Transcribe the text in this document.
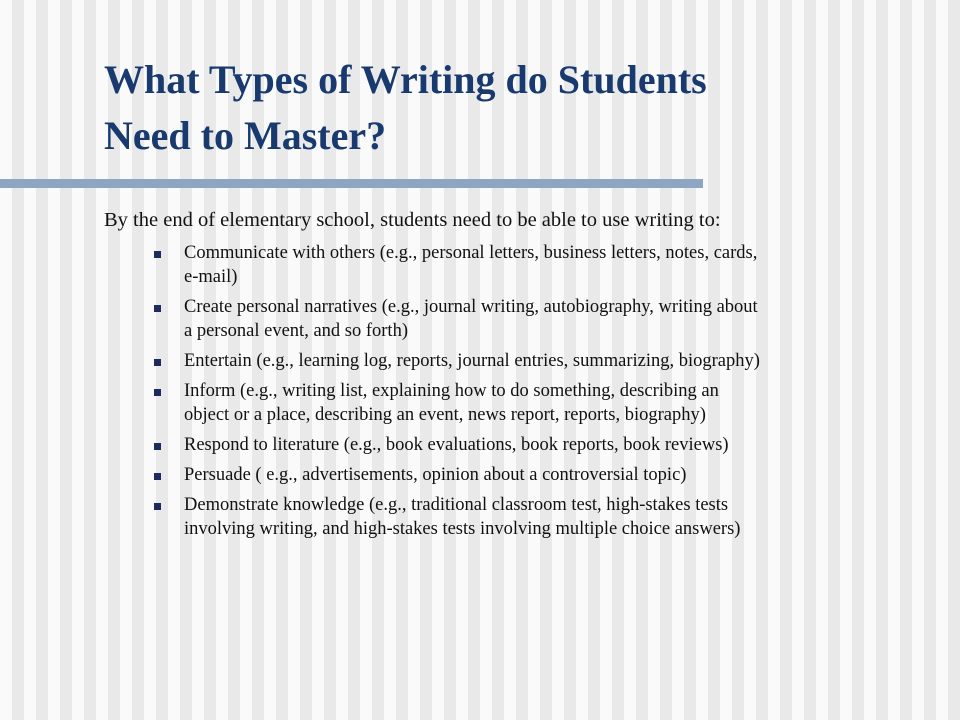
What Types of Writing do Students
Need to Master?

By the end of elementary school, students need to be able to use writing to:

Communicate with others (e.g., personal letters, business letters, notes, cards,
e-mail)
Create personal narratives (e.g., journal writing, autobiography, writing about
a personal event, and so forth)
Entertain (e.g., learning log, reports, journal entries, summarizing, biography)
Inform (e.g., writing list, explaining how to do something, describing an
object or a place, describing an event, news report, reports, biography)
Respond to literature (e.g., book evaluations, book reports, book reviews)
Persuade ( e.g., advertisements, opinion about a controversial topic)
Demonstrate knowledge (e.g., traditional classroom test, high-stakes tests
involving writing, and high-stakes tests involving multiple choice answers)
